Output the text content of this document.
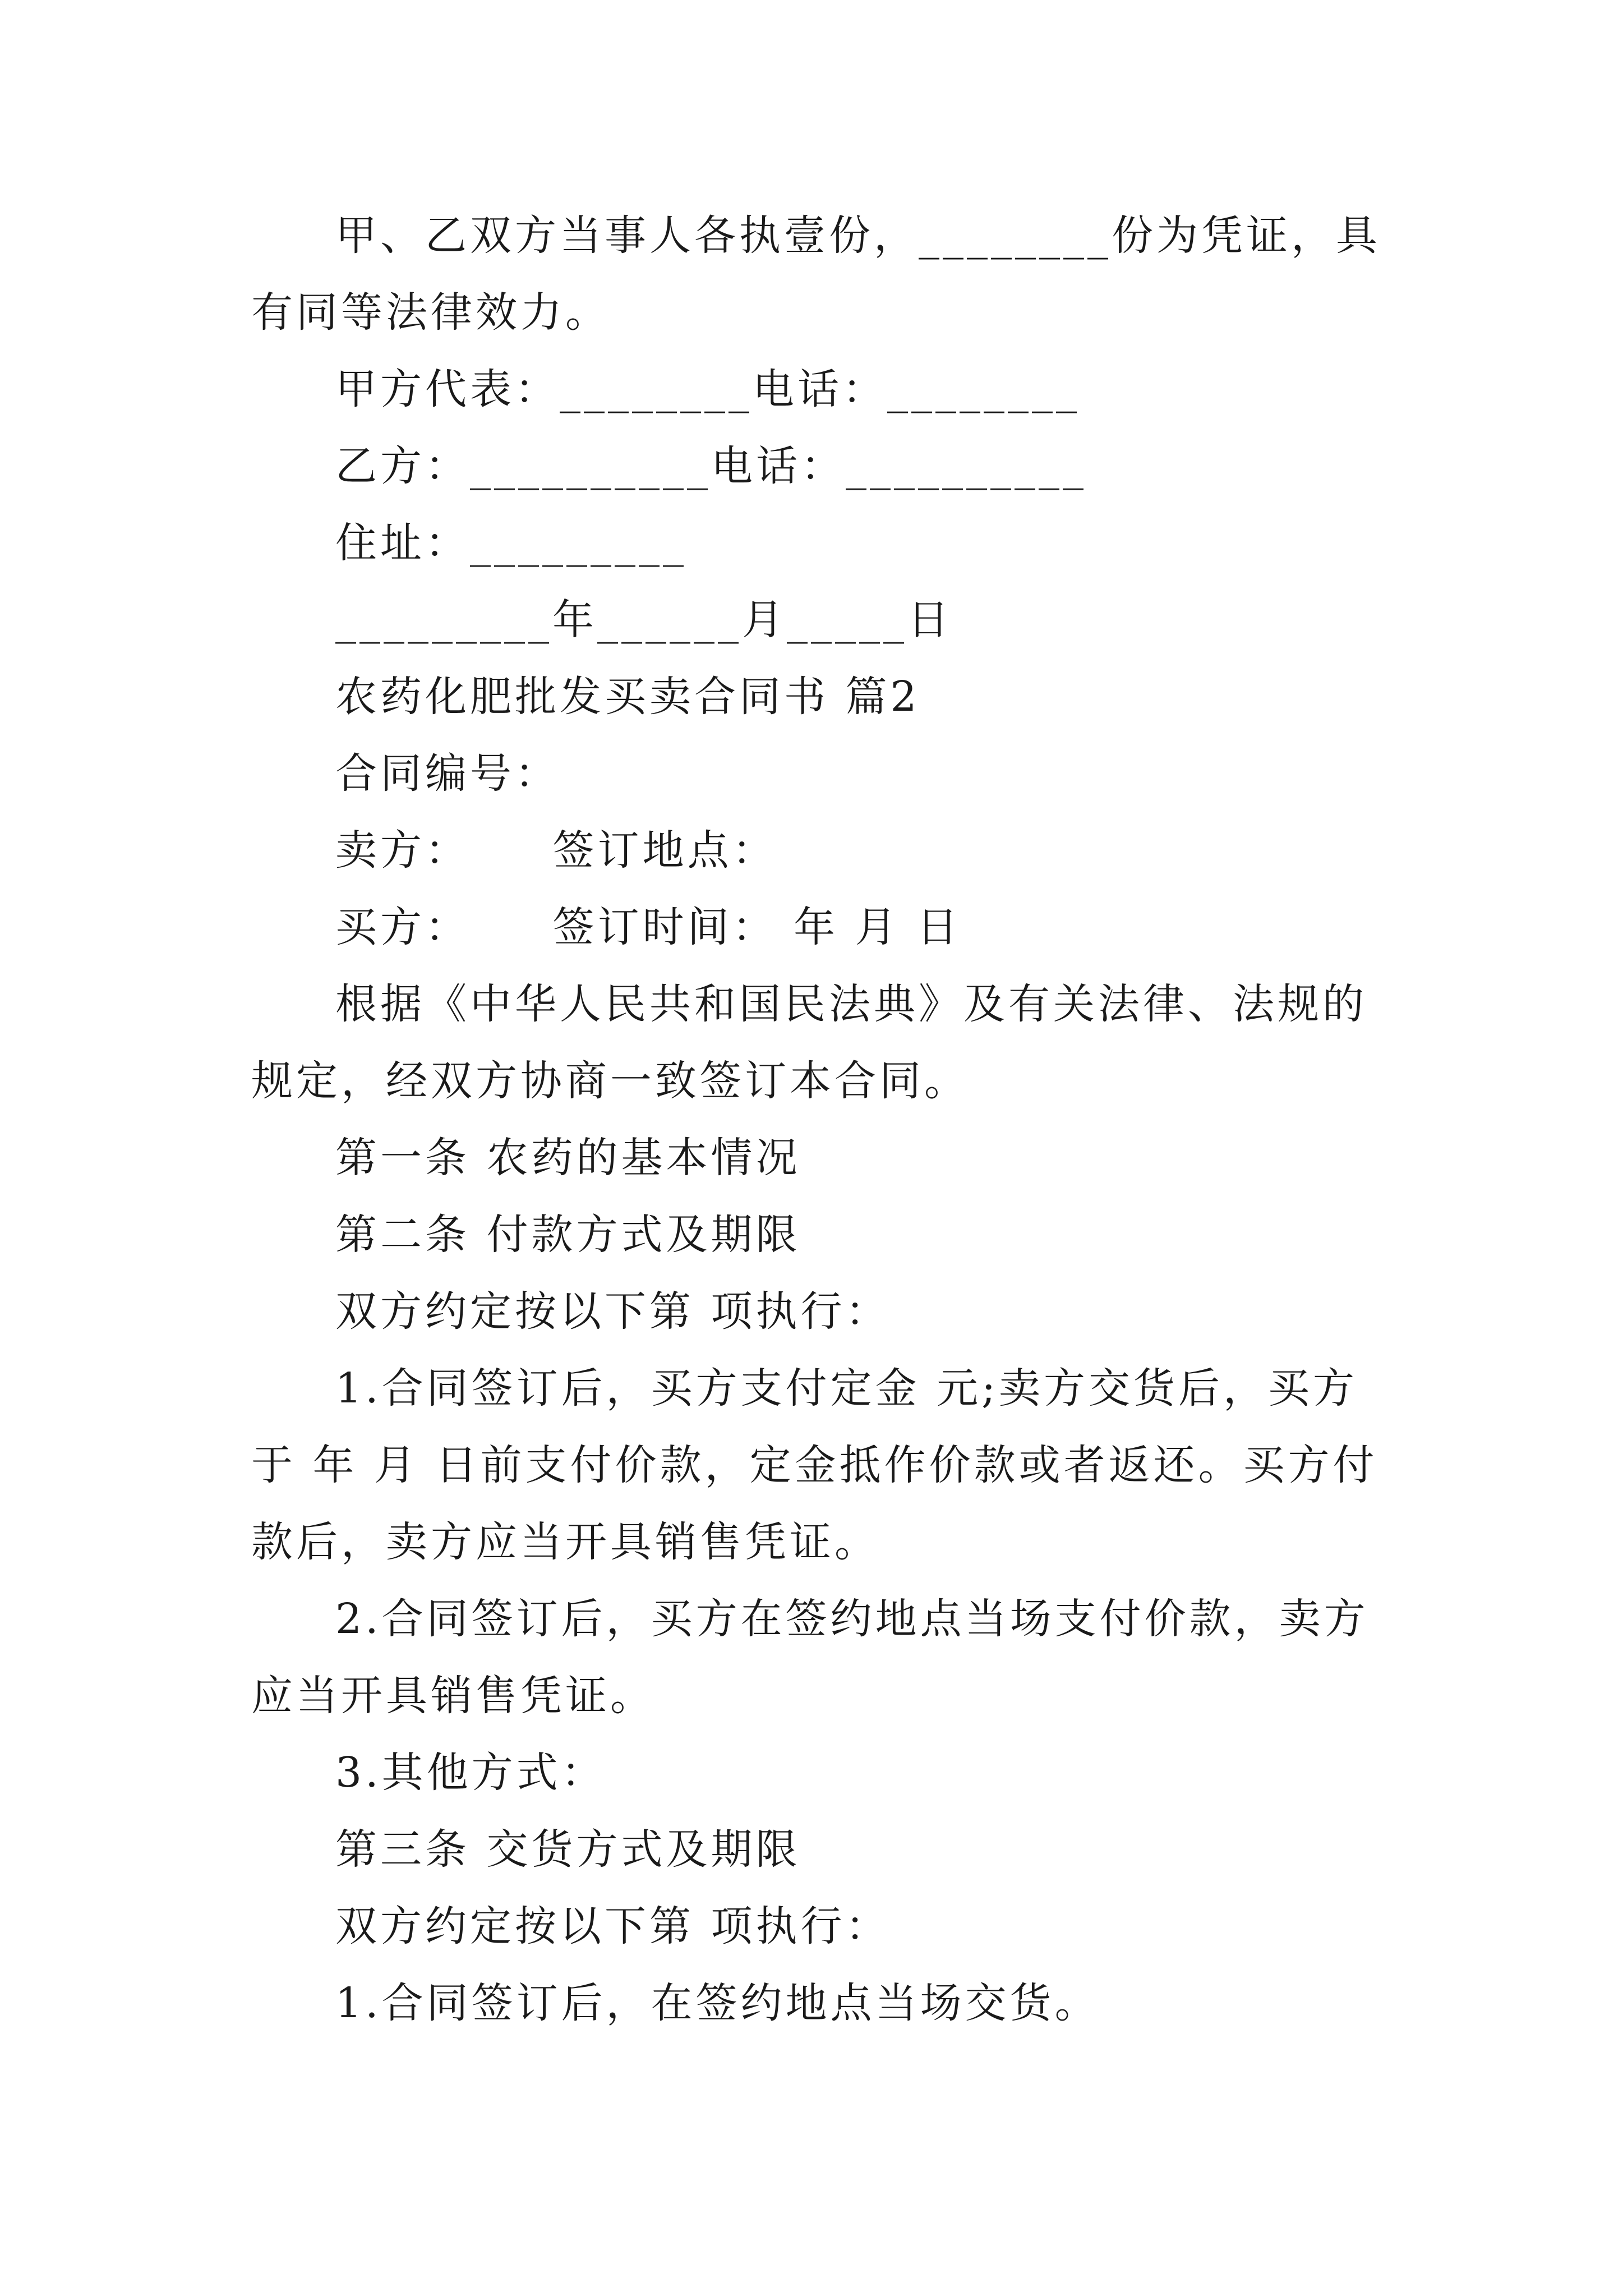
甲、乙双方当事人各执壹份，________份为凭证，具有同等法律效力。

甲方代表：________电话：________

乙方：__________电话：__________

住址：_________

_________年______月_____日

农药化肥批发买卖合同书 篇2

合同编号：

卖方：     签订地点：

买方：     签订时间： 年 月 日

根据《中华人民共和国民法典》及有关法律、法规的规定，经双方协商一致签订本合同。

第一条 农药的基本情况

第二条 付款方式及期限

双方约定按以下第 项执行：

1.合同签订后，买方支付定金 元;卖方交货后，买方于 年 月 日前支付价款，定金抵作价款或者返还。买方付款后，卖方应当开具销售凭证。

2.合同签订后，买方在签约地点当场支付价款，卖方应当开具销售凭证。

3.其他方式：

第三条 交货方式及期限

双方约定按以下第 项执行：

1.合同签订后，在签约地点当场交货。
